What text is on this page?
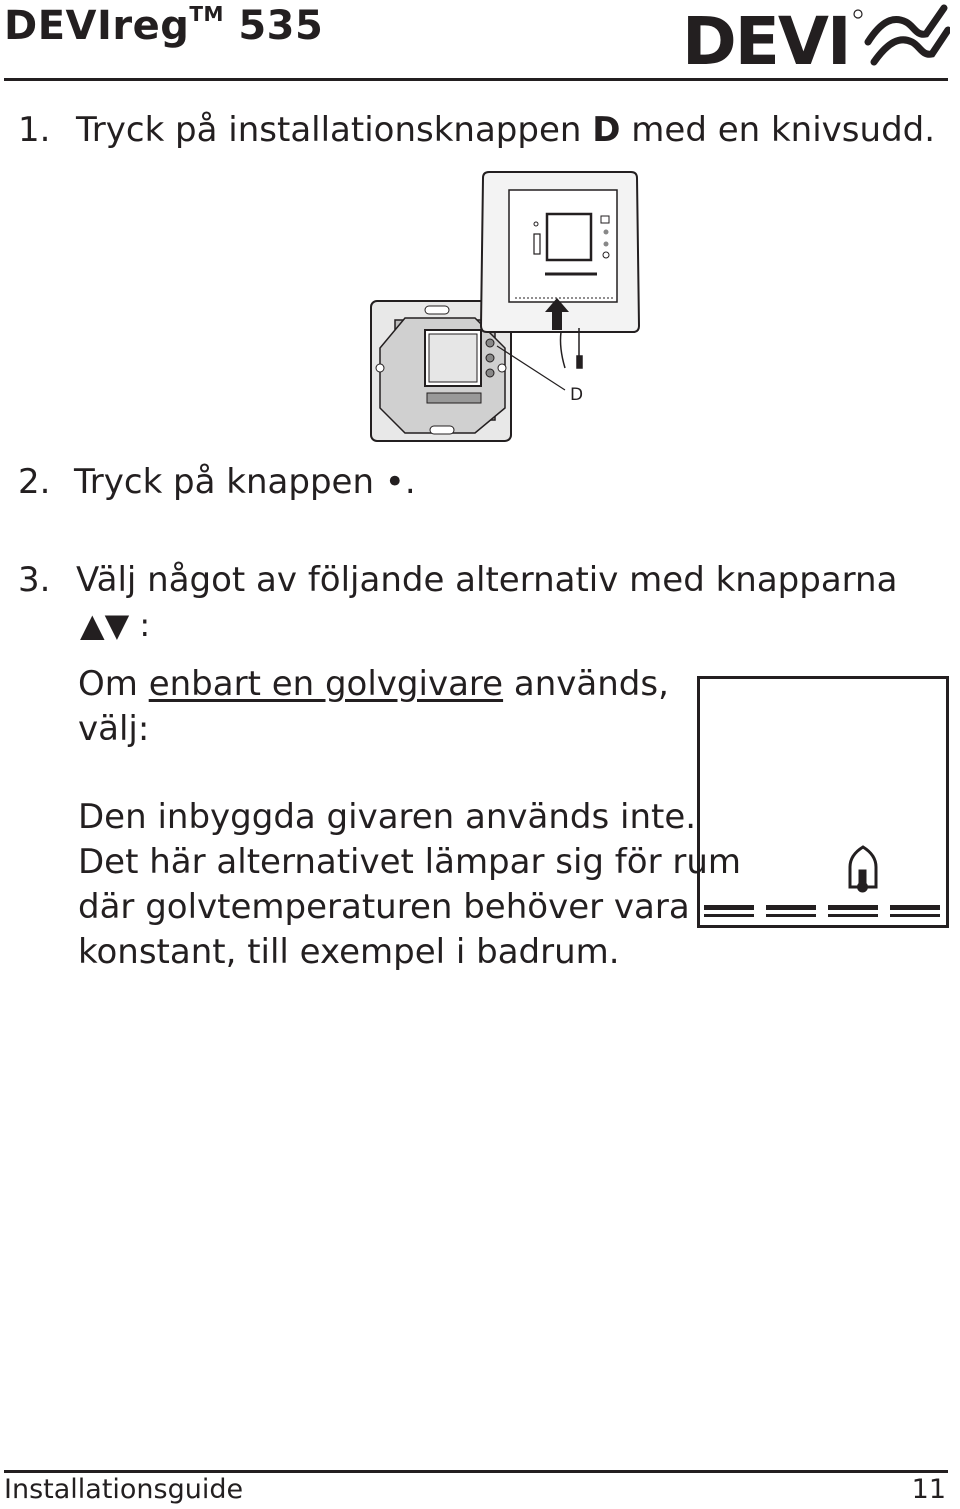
DEVIreg™ 535	DEVI
1. Tryck på installationsknappen D med en knivsudd.
D
2. Tryck på knappen •.
3. Välj något av följande alternativ med knapparna
▲▼ :
Om enbart en golvgivare används,
välj:
Den inbyggda givaren används inte.
Det här alternativet lämpar sig för rum
där golvtemperaturen behöver vara
konstant, till exempel i badrum.
Installationsguide	11
